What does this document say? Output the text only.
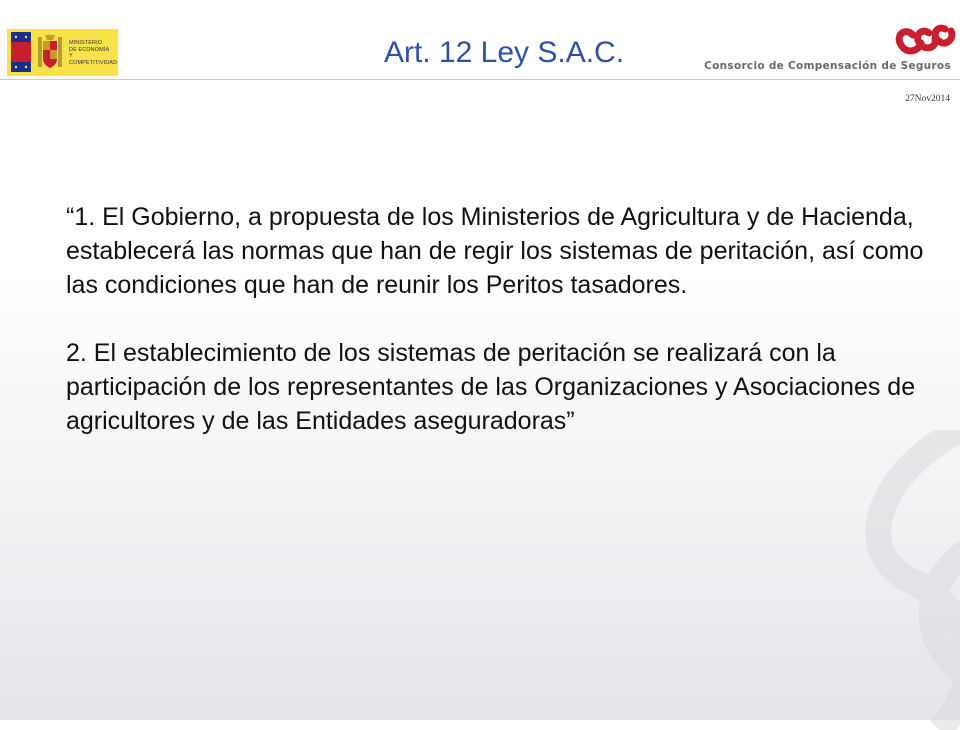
MINISTERIO
DE ECONOMÍA
Y COMPETITIVIDAD	Art. 12 Ley S.A.C.	Consorcio de Compensación de Seguros
27Nov2014

“1. El Gobierno, a propuesta de los Ministerios de Agricultura y de Hacienda, establecerá las normas que han de regir los sistemas de peritación, así como las condiciones que han de reunir los Peritos tasadores.

2. El establecimiento de los sistemas de peritación se realizará con la participación de los representantes de las Organizaciones y Asociaciones de agricultores y de las Entidades aseguradoras”
